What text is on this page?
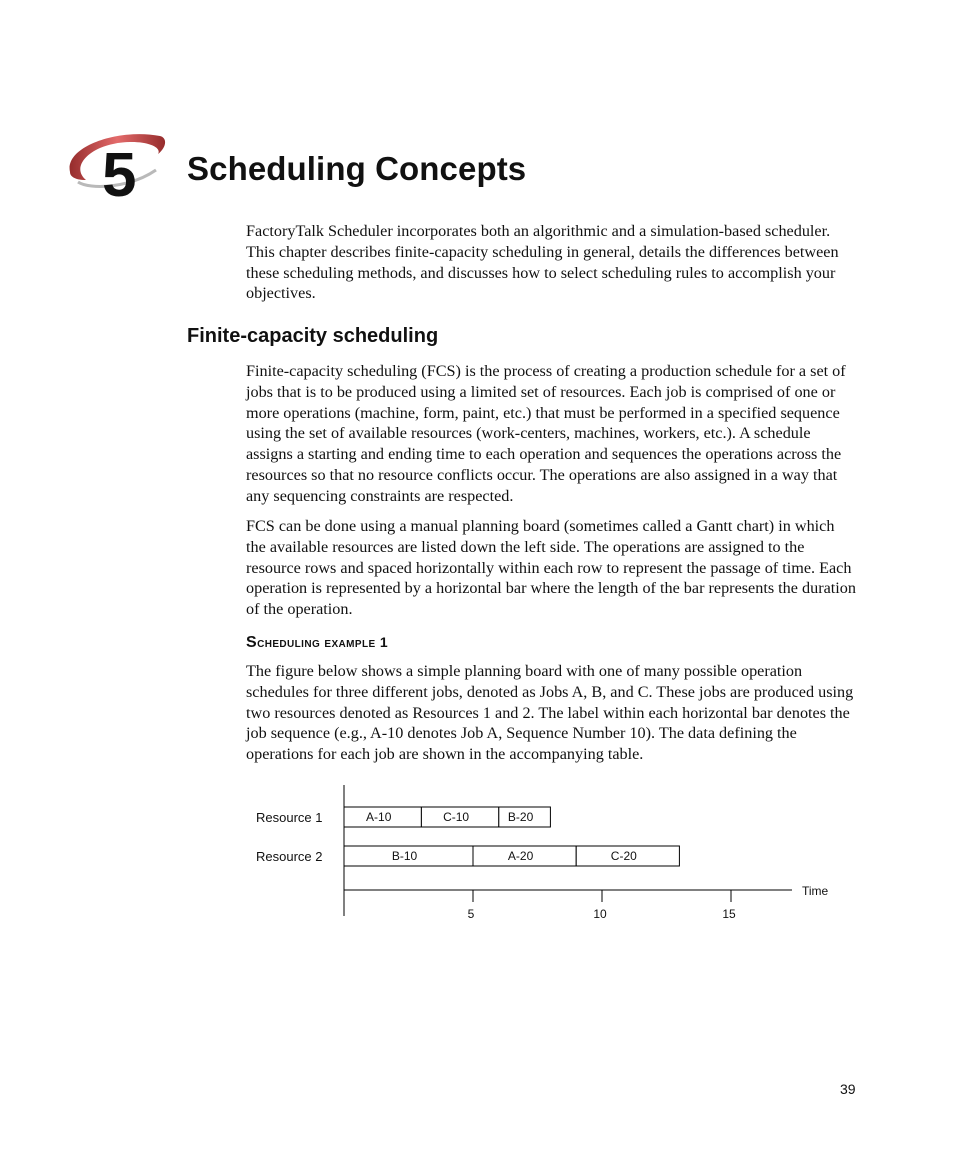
5 Scheduling Concepts
FactoryTalk Scheduler incorporates both an algorithmic and a simulation-based scheduler. This chapter describes finite-capacity scheduling in general, details the differences between these scheduling methods, and discusses how to select scheduling rules to accomplish your objectives.
Finite-capacity scheduling
Finite-capacity scheduling (FCS) is the process of creating a production schedule for a set of jobs that is to be produced using a limited set of resources. Each job is comprised of one or more operations (machine, form, paint, etc.) that must be performed in a specified sequence using the set of available resources (work-centers, machines, workers, etc.). A schedule assigns a starting and ending time to each operation and sequences the operations across the resources so that no resource conflicts occur. The operations are also assigned in a way that any sequencing constraints are respected.
FCS can be done using a manual planning board (sometimes called a Gantt chart) in which the available resources are listed down the left side. The operations are assigned to the resource rows and spaced horizontally within each row to represent the passage of time. Each operation is represented by a horizontal bar where the length of the bar represents the duration of the operation.
Scheduling example 1
The figure below shows a simple planning board with one of many possible operation schedules for three different jobs, denoted as Jobs A, B, and C. These jobs are produced using two resources denoted as Resources 1 and 2. The label within each horizontal bar denotes the job sequence (e.g., A-10 denotes Job A, Sequence Number 10). The data defining the operations for each job are shown in the accompanying table.
Resource 1
Resource 2
A-10	C-10	B-20
B-10	A-20	C-20
5	10	15
Time
39
